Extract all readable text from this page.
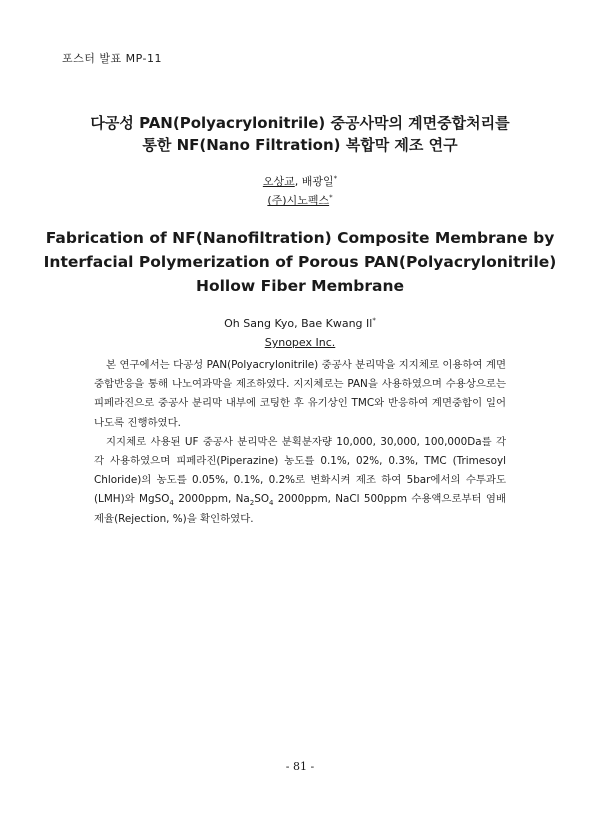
포스터 발표 MP-11
다공성 PAN(Polyacrylonitrile) 중공사막의 계면중합처리를
통한 NF(Nano Filtration) 복합막 제조 연구
오상교, 배광일*
(주)시노펙스*
Fabrication of NF(Nanofiltration) Composite Membrane by
Interfacial Polymerization of Porous PAN(Polyacrylonitrile)
Hollow Fiber Membrane
Oh Sang Kyo, Bae Kwang Il*
Synopex Inc.

본 연구에서는 다공성 PAN(Polyacrylonitrile) 중공사 분리막을 지지체로 이용하여 계면중합반응을 통해 나노여과막을 제조하였다. 지지체로는 PAN을 사용하였으며 수용상으로는 피페라진으로 중공사 분리막 내부에 코팅한 후 유기상인 TMC와 반응하여 계면중합이 일어나도록 진행하였다.

지지체로 사용된 UF 중공사 분리막은 분획분자량 10,000, 30,000, 100,000Da를 각각 사용하였으며 피페라진(Piperazine) 농도를 0.1%, 02%, 0.3%, TMC (Trimesoyl Chloride)의 농도를 0.05%, 0.1%, 0.2%로 변화시켜 제조 하여 5bar에서의 수투과도(LMH)와 MgSO$_4$ 2000ppm, $Na_2SO_4$ 2000ppm, NaCl 500ppm 수용액으로부터 염배제율(Rejection, %)을 확인하였다.

- 81 -
